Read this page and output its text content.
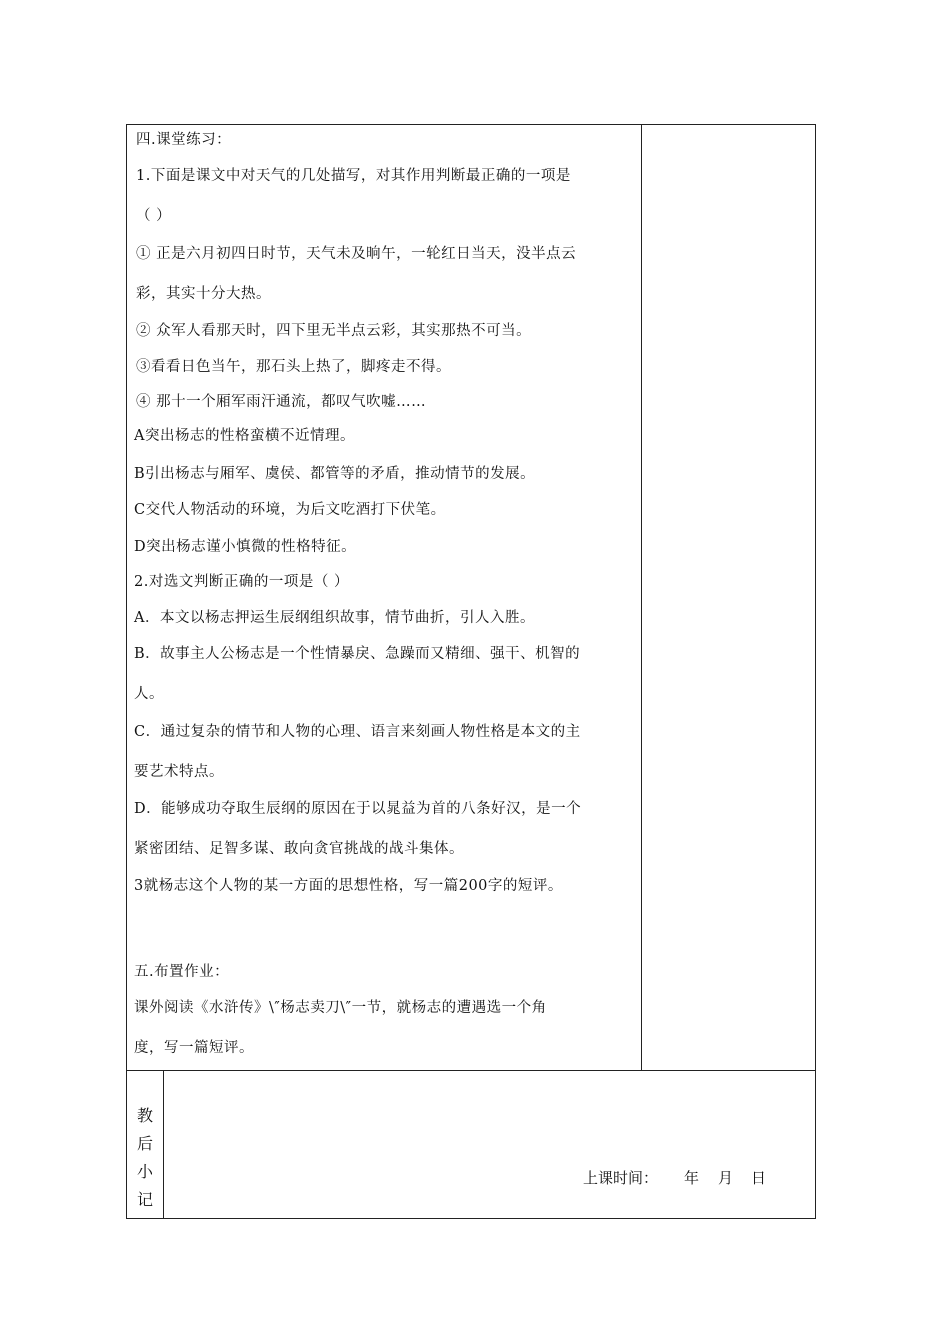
四.课堂练习：
1.下面是课文中对天气的几处描写，对其作用判断最正确的一项是
（ ）
① 正是六月初四日时节，天气未及晌午，一轮红日当天，没半点云
彩，其实十分大热。
② 众军人看那天时，四下里无半点云彩，其实那热不可当。
③看看日色当午，那石头上热了，脚疼走不得。
④ 那十一个厢军雨汗通流，都叹气吹嘘……
A突出杨志的性格蛮横不近情理。
B引出杨志与厢军、虞侯、都管等的矛盾，推动情节的发展。
C交代人物活动的环境，为后文吃酒打下伏笔。
D突出杨志谨小慎微的性格特征。
2.对选文判断正确的一项是（ ）
A．本文以杨志押运生辰纲组织故事，情节曲折，引人入胜。
B．故事主人公杨志是一个性情暴戾、急躁而又精细、强干、机智的
人。
C．通过复杂的情节和人物的心理、语言来刻画人物性格是本文的主
要艺术特点。
D．能够成功夺取生辰纲的原因在于以晁益为首的八条好汉，是一个
紧密团结、足智多谋、敢向贪官挑战的战斗集体。
3就杨志这个人物的某一方面的思想性格，写一篇200字的短评。
五.布置作业：
课外阅读《水浒传》\″杨志卖刀\″一节，就杨志的遭遇选一个角
度，写一篇短评。
教
后
小
记
上课时间： 年 月 日
